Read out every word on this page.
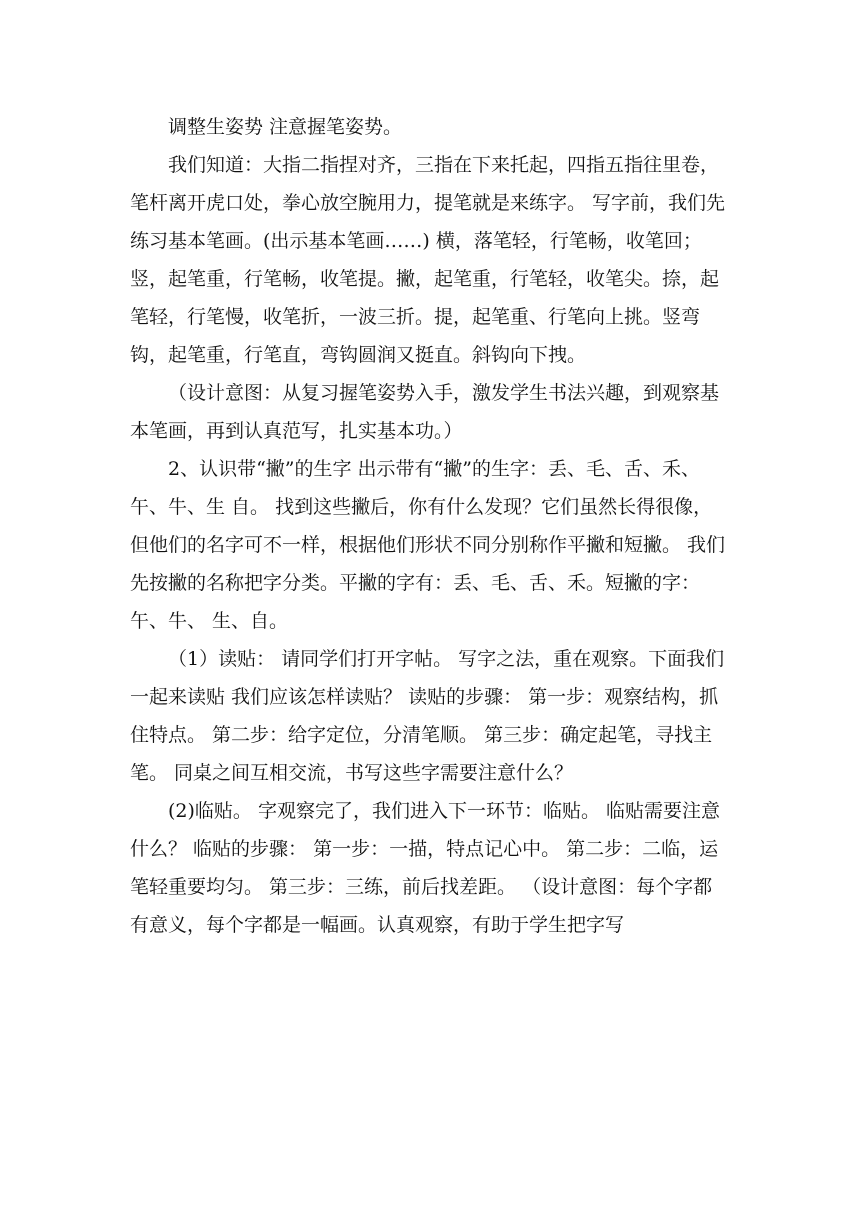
调整生姿势 注意握笔姿势。

我们知道：大指二指捏对齐，三指在下来托起，四指五指往里卷，笔杆离开虎口处，拳心放空腕用力，提笔就是来练字。 写字前，我们先练习基本笔画。(出示基本笔画……) 横，落笔轻，行笔畅，收笔回；竖，起笔重，行笔畅，收笔提。撇，起笔重，行笔轻，收笔尖。捺，起笔轻，行笔慢，收笔折，一波三折。提，起笔重、行笔向上挑。竖弯钩，起笔重，行笔直，弯钩圆润又挺直。斜钩向下拽。

（设计意图：从复习握笔姿势入手，激发学生书法兴趣，到观察基本笔画，再到认真范写，扎实基本功。）

2、认识带“撇”的生字 出示带有“撇”的生字：丢、毛、舌、禾、午、牛、生 自。 找到这些撇后，你有什么发现？它们虽然长得很像，但他们的名字可不一样，根据他们形状不同分别称作平撇和短撇。 我们先按撇的名称把字分类。平撇的字有：丢、毛、舌、禾。短撇的字：午、牛、 生、自。

（1）读贴： 请同学们打开字帖。 写字之法，重在观察。下面我们一起来读贴 我们应该怎样读贴？ 读贴的步骤： 第一步：观察结构，抓住特点。 第二步：给字定位，分清笔顺。 第三步：确定起笔，寻找主笔。 同桌之间互相交流，书写这些字需要注意什么？

(2)临贴。 字观察完了，我们进入下一环节：临贴。 临贴需要注意什么？ 临贴的步骤： 第一步：一描，特点记心中。 第二步：二临，运笔轻重要均匀。 第三步：三练，前后找差距。 （设计意图：每个字都有意义，每个字都是一幅画。认真观察，有助于学生把字写
